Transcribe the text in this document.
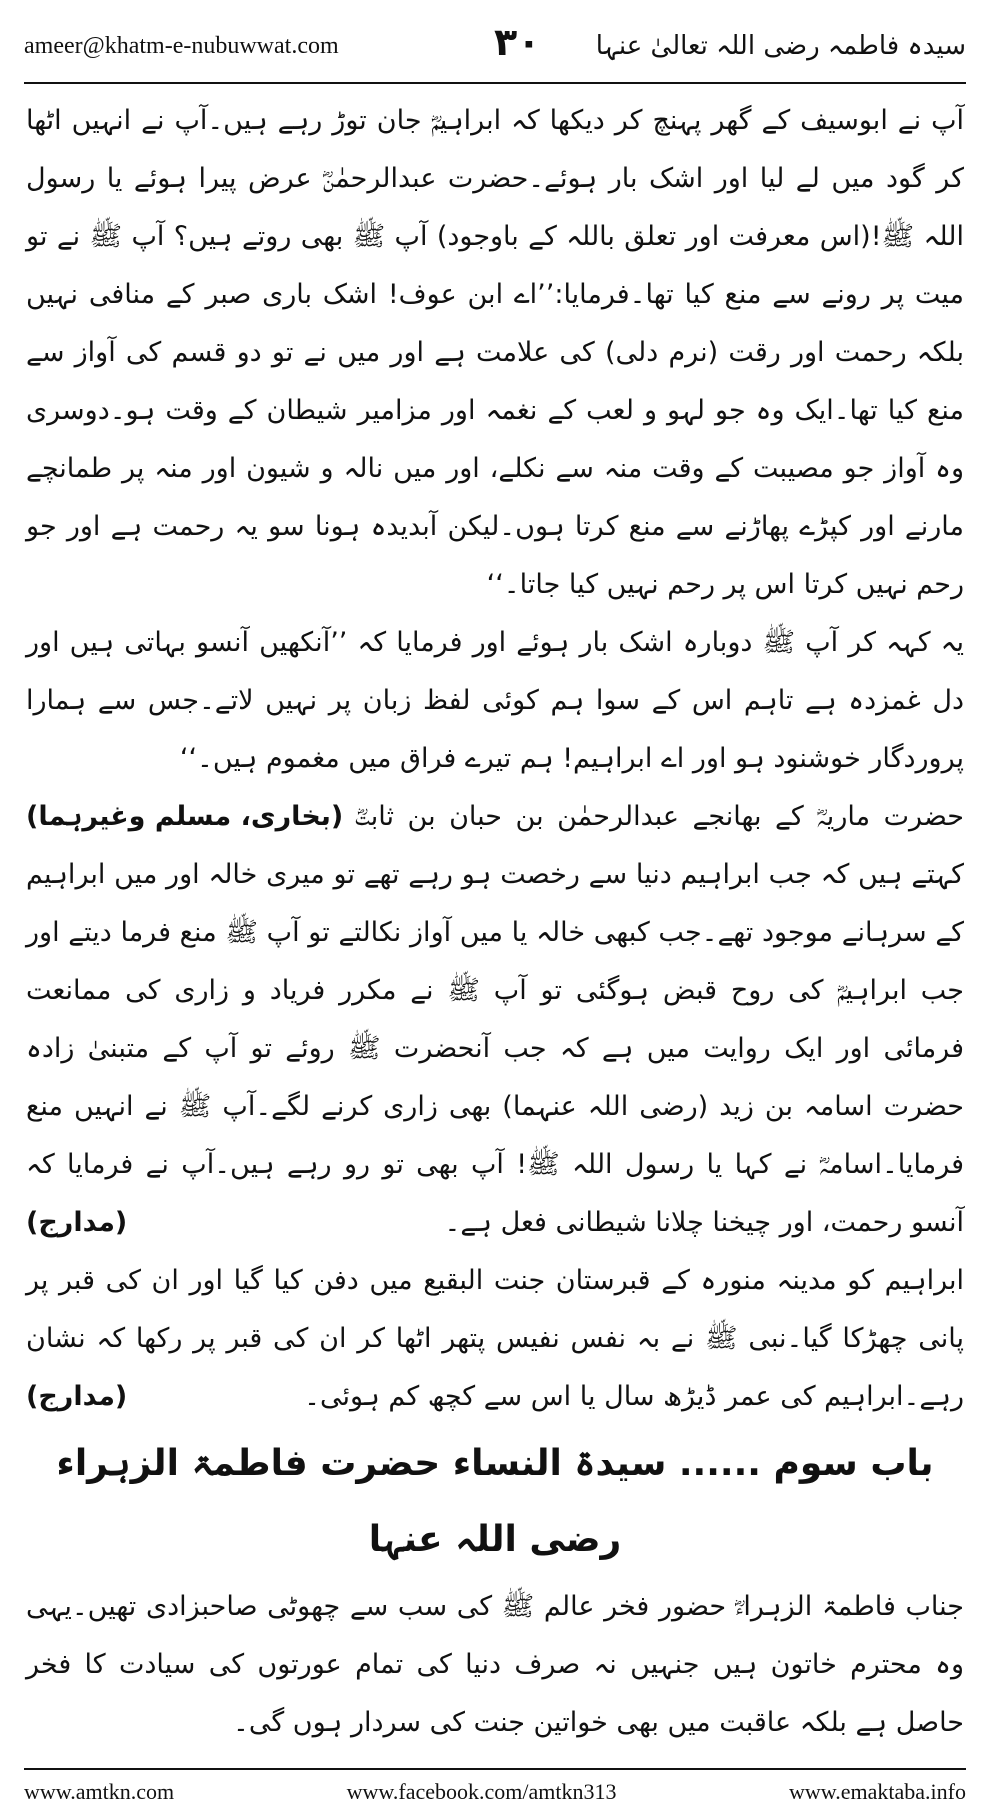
ameer@khatm-e-nubuwwat.com	۳۰ سیدہ فاطمہ رضی اللہ تعالیٰ عنہا

آپ نے ابوسیف کے گھر پہنچ کر دیکھا کہ ابراہیمؓ جان توڑ رہے ہیں۔آپ نے انہیں اٹھا کر گود میں لے لیا اور اشک بار ہوئے۔حضرت عبدالرحمٰنؓ عرض پیرا ہوئے یا رسول اللہ ﷺ!(اس معرفت اور تعلق باللہ کے باوجود) آپ ﷺ بھی روتے ہیں؟ آپ ﷺ نے تو میت پر رونے سے منع کیا تھا۔فرمایا:’’اے ابن عوف! اشک باری صبر کے منافی نہیں بلکہ رحمت اور رقت (نرم دلی) کی علامت ہے اور میں نے تو دو قسم کی آواز سے منع کیا تھا۔ایک وہ جو لہو و لعب کے نغمہ اور مزامیر شیطان کے وقت ہو۔دوسری وہ آواز جو مصیبت کے وقت منہ سے نکلے، اور میں نالہ و شیون اور منہ پر طمانچے مارنے اور کپڑے پھاڑنے سے منع کرتا ہوں۔لیکن آبدیدہ ہونا سو یہ رحمت ہے اور جو رحم نہیں کرتا اس پر رحم نہیں کیا جاتا۔‘‘

یہ کہہ کر آپ ﷺ دوبارہ اشک بار ہوئے اور فرمایا کہ ’’آنکھیں آنسو بہاتی ہیں اور دل غمزدہ ہے تاہم اس کے سوا ہم کوئی لفظ زبان پر نہیں لاتے۔جس سے ہمارا پروردگار خوشنود ہو اور اے ابراہیم! ہم تیرے فراق میں مغموم ہیں۔‘‘
(بخاری، مسلم وغیرہما) حضرت ماریہؓ کے بھانجے عبدالرحمٰن بن حبان بن ثابتؓ کہتے ہیں کہ جب ابراہیم دنیا سے رخصت ہو رہے تھے تو میری خالہ اور میں ابراہیم کے سرہانے موجود تھے۔جب کبھی خالہ یا میں آواز نکالتے تو آپ ﷺ منع فرما دیتے اور جب ابراہیمؓ کی روح قبض ہوگئی تو آپ ﷺ نے مکرر فریاد و زاری کی ممانعت فرمائی اور ایک روایت میں ہے کہ جب آنحضرت ﷺ روئے تو آپ کے متبنیٰ زادہ حضرت اسامہ بن زید (رضی اللہ عنہما) بھی زاری کرنے لگے۔آپ ﷺ نے انہیں منع فرمایا۔اسامہؓ نے کہا یا رسول اللہ ﷺ! آپ بھی تو رو رہے ہیں۔آپ نے فرمایا کہ آنسو رحمت، اور چیخنا چلانا شیطانی فعل ہے۔
(مدارج)

ابراہیم کو مدینہ منورہ کے قبرستان جنت البقیع میں دفن کیا گیا اور ان کی قبر پر پانی چھڑکا گیا۔نبی ﷺ نے بہ نفس نفیس پتھر اٹھا کر ان کی قبر پر رکھا کہ نشان رہے۔ابراہیم کی عمر ڈیڑھ سال یا اس سے کچھ کم ہوئی۔
(مدارج)

باب سوم ...... سیدۃ النساء حضرت فاطمۃ الزہراء رضی اللہ عنہا

جناب فاطمۃ الزہراءؓ حضور فخر عالم ﷺ کی سب سے چھوٹی صاحبزادی تھیں۔یہی وہ محترم خاتون ہیں جنہیں نہ صرف دنیا کی تمام عورتوں کی سیادت کا فخر حاصل ہے بلکہ عاقبت میں بھی خواتین جنت کی سردار ہوں گی۔

www.amtkn.com	www.facebook.com/amtkn313	www.emaktaba.info
